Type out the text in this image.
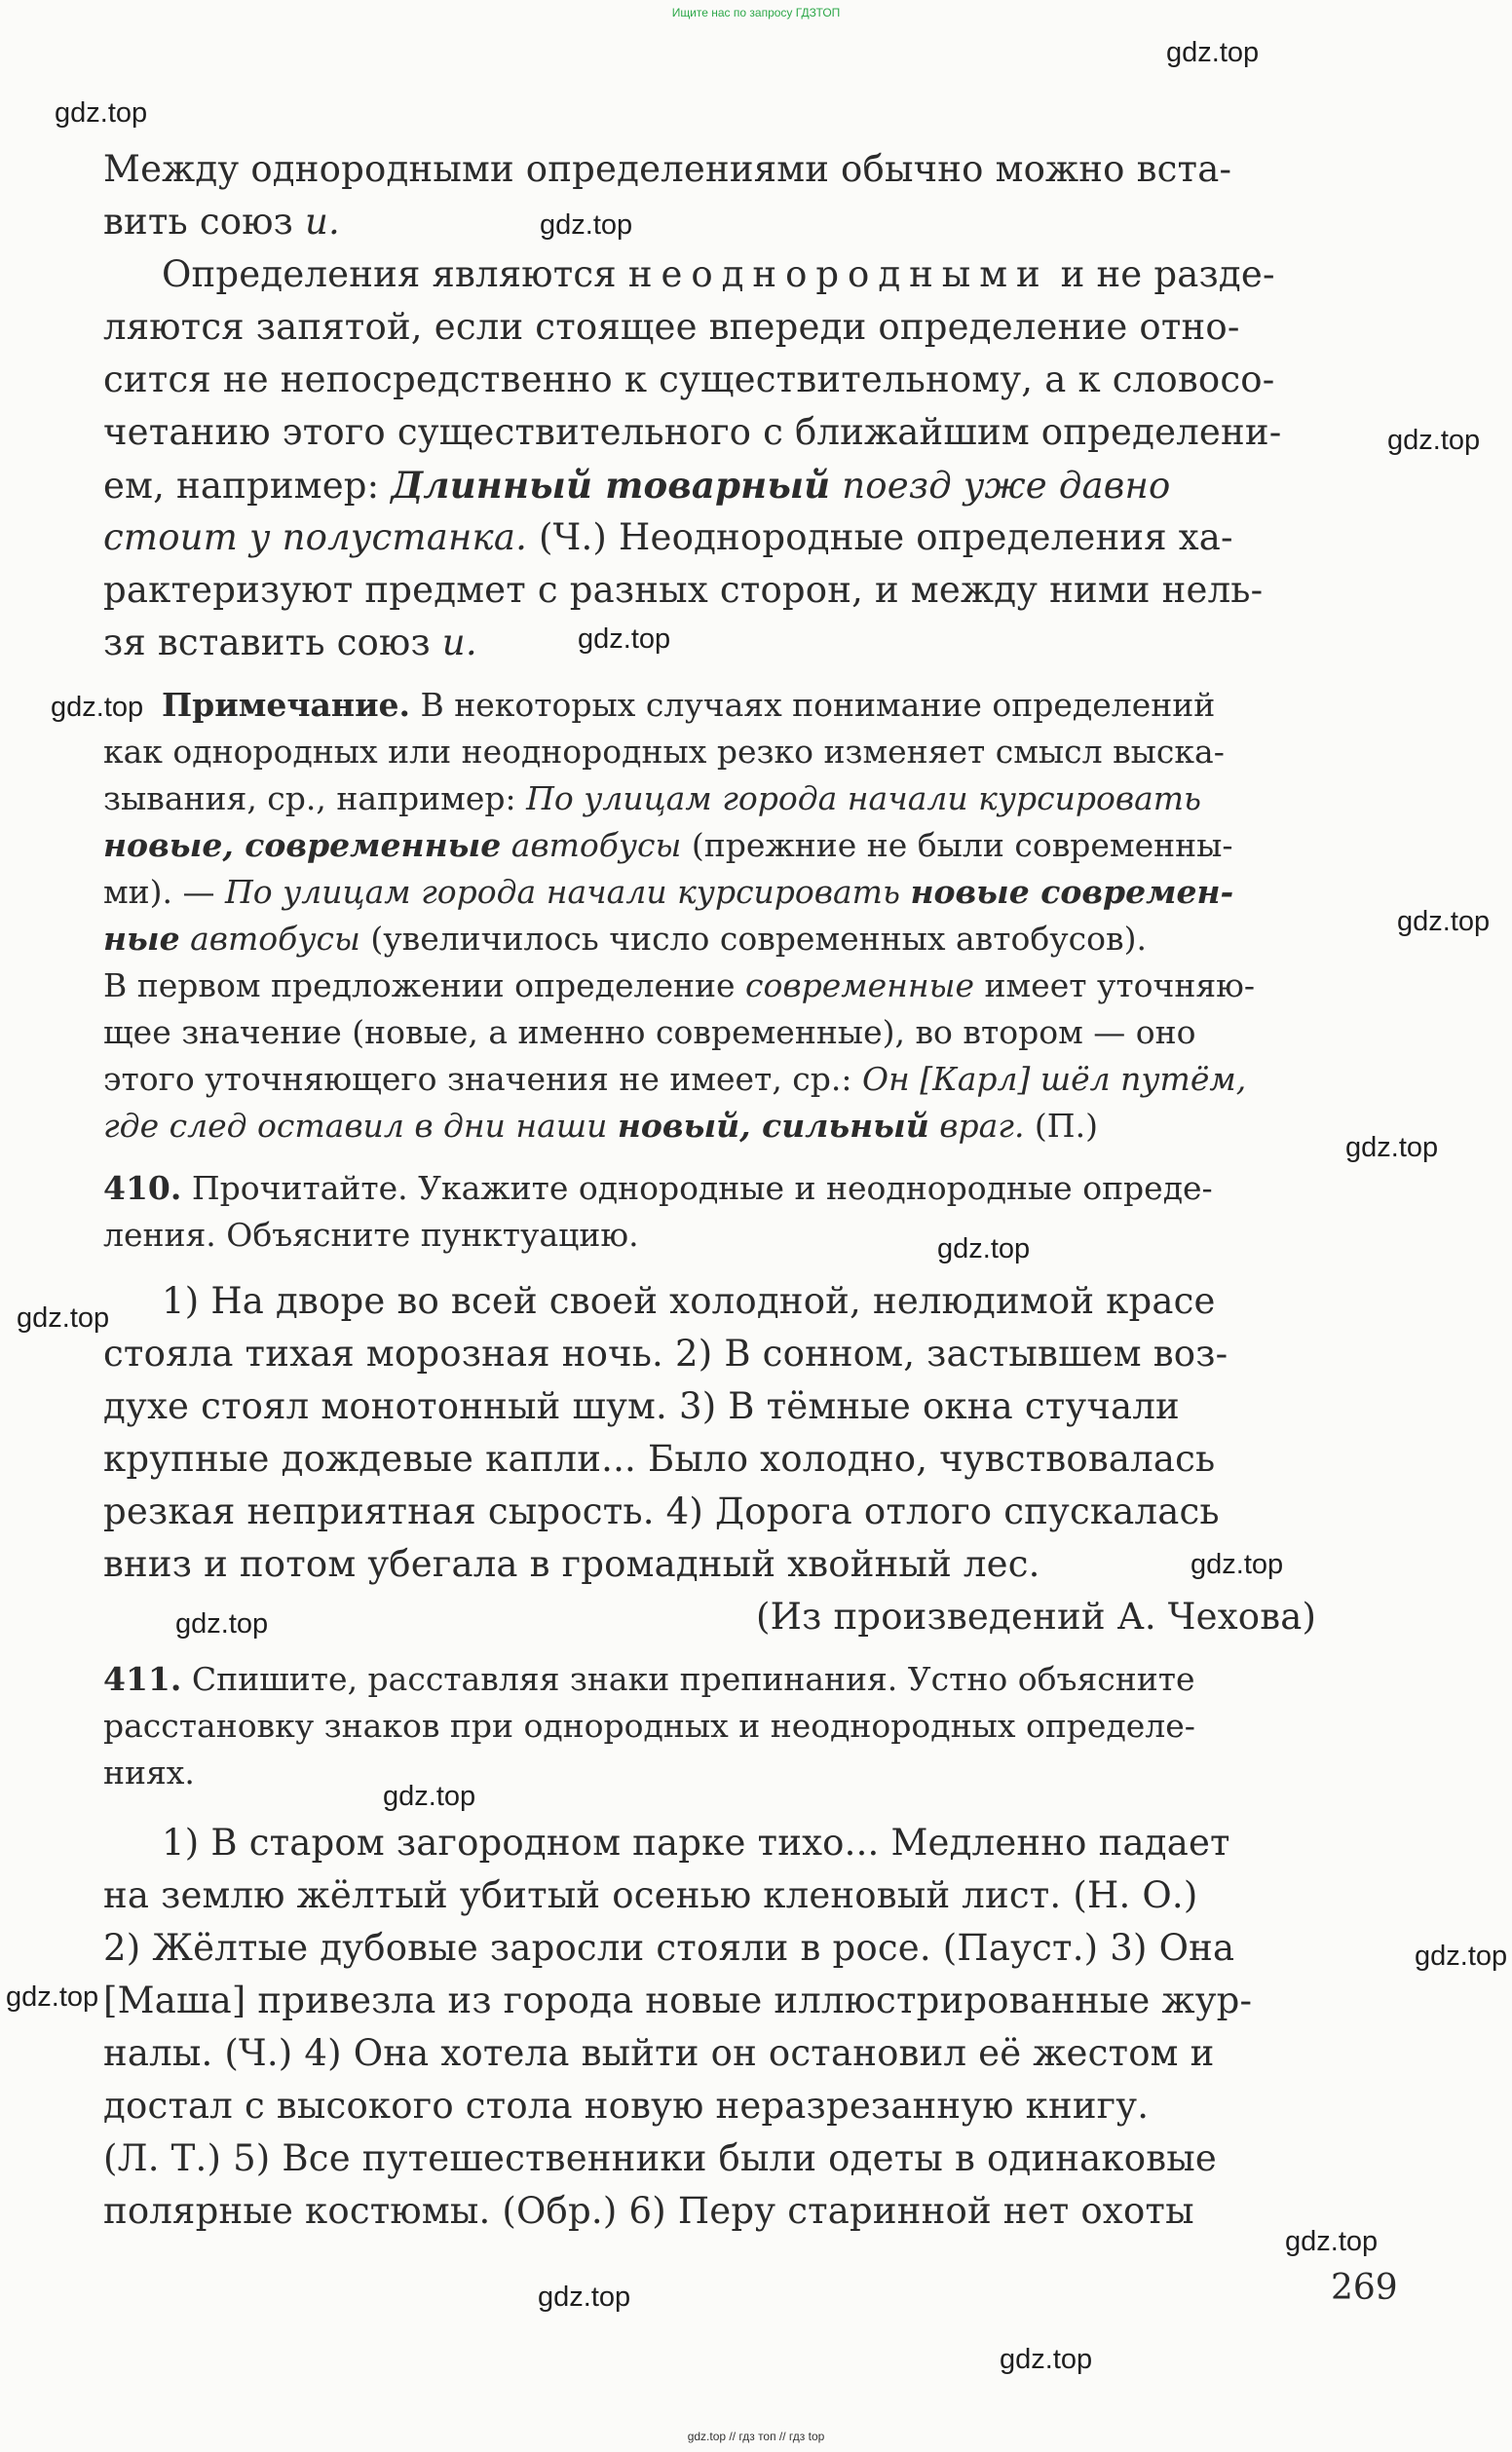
Ищите нас по запросу ГДЗТОП
gdz.top
gdz.top
gdz.top
gdz.top
gdz.top
gdz.top
gdz.top
gdz.top
gdz.top
gdz.top
gdz.top
gdz.top
gdz.top
gdz.top
gdz.top
gdz.top
gdz.top
gdz.top
Между однородными определениями обычно можно вста-
вить союз и.
Определения являются неоднородными и не разде-
ляются запятой, если стоящее впереди определение отно-
сится не непосредственно к существительному, а к словосо-
четанию этого существительного с ближайшим определени-
ем, например: Длинный товарный поезд уже давно
стоит у полустанка. (Ч.) Неоднородные определения ха-
рактеризуют предмет с разных сторон, и между ними нель-
зя вставить союз и.
Примечание. В некоторых случаях понимание определений
как однородных или неоднородных резко изменяет смысл выска-
зывания, ср., например: По улицам города начали курсировать
новые, современные автобусы (прежние не были современны-
ми). — По улицам города начали курсировать новые современ-
ные автобусы (увеличилось число современных автобусов).
В первом предложении определение современные имеет уточняю-
щее значение (новые, а именно современные), во втором — оно
этого уточняющего значения не имеет, ср.: Он [Карл] шёл путём,
где след оставил в дни наши новый, сильный враг. (П.)
410. Прочитайте. Укажите однородные и неоднородные опреде-
ления. Объясните пунктуацию.
1) На дворе во всей своей холодной, нелюдимой красе
стояла тихая морозная ночь. 2) В сонном, застывшем воз-
духе стоял монотонный шум. 3) В тёмные окна стучали
крупные дождевые капли... Было холодно, чувствовалась
резкая неприятная сырость. 4) Дорога отлого спускалась
вниз и потом убегала в громадный хвойный лес.
(Из произведений А. Чехова)
411. Спишите, расставляя знаки препинания. Устно объясните
расстановку знаков при однородных и неоднородных определе-
ниях.
1) В старом загородном парке тихо... Медленно падает
на землю жёлтый убитый осенью кленовый лист. (Н. О.)
2) Жёлтые дубовые заросли стояли в росе. (Пауст.) 3) Она
[Маша] привезла из города новые иллюстрированные жур-
налы. (Ч.) 4) Она хотела выйти он остановил её жестом и
достал с высокого стола новую неразрезанную книгу.
(Л. Т.) 5) Все путешественники были одеты в одинаковые
полярные костюмы. (Обр.) 6) Перу старинной нет охоты
269
gdz.top // гдз топ // гдз top
